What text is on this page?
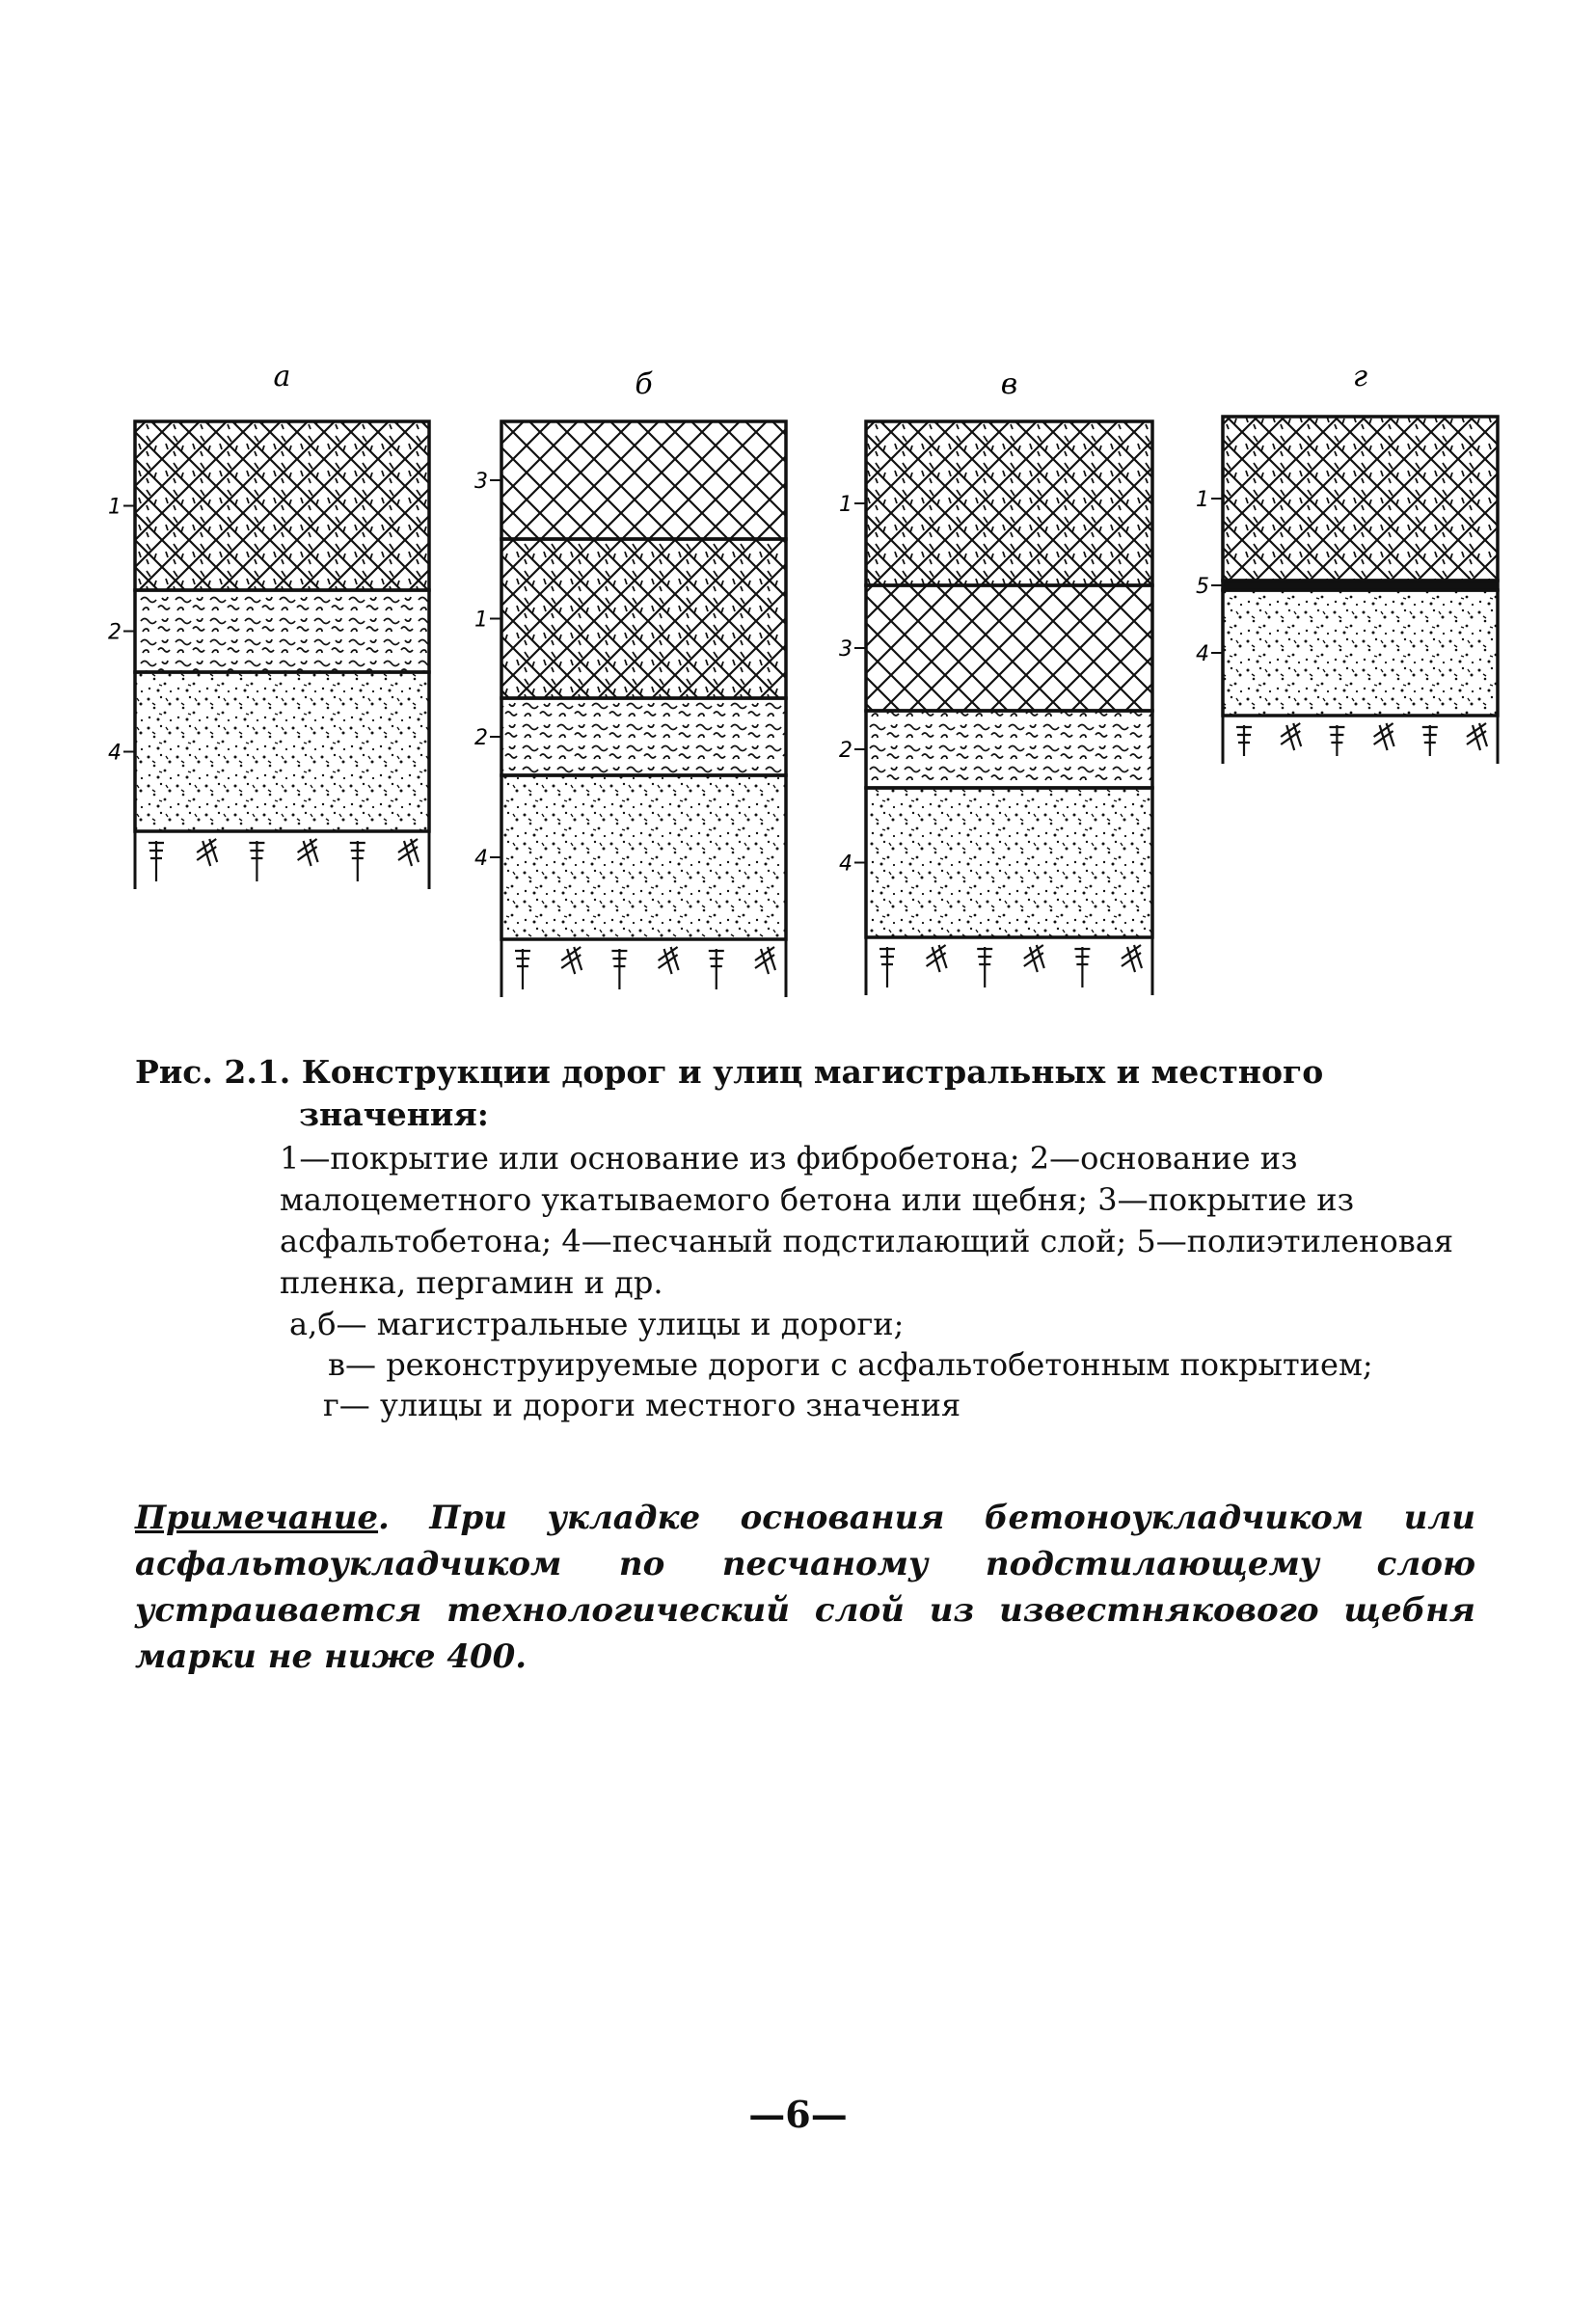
а
1
2
4
б
3
1
2
4
в
1
3
2
4
г
1
5
4
Рис. 2.1. Конструкции дорог и улиц магистральных и местного
значения:
1—покрытие или основание из фибробетона; 2—основание из
малоцеметного укатываемого бетона или щебня; 3—покрытие из
асфальтобетона; 4—песчаный подстилающий слой; 5—полиэтиленовая
пленка, пергамин и др.
а,б— магистральные улицы и дороги;
в— реконструируемые дороги с асфальтобетонным покрытием;
г— улицы и дороги местного значения
Примечание. При укладке основания бетоноукладчиком или асфальтоукладчиком по песчаному подстилающему слою устраивается технологический слой из известнякового щебня марки не ниже 400.
—6—
